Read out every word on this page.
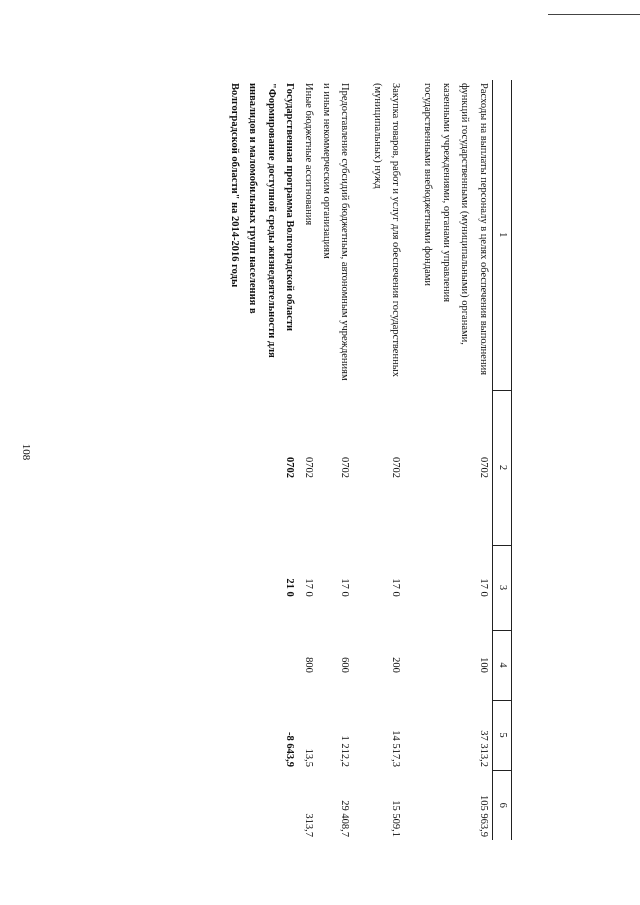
108
1	2	3	4	5	6
Расходы на выплаты персоналу в целях обеспечения выполнения функций государственными (муниципальными) органами, казенными учреждениями, органами управления государственными внебюджетными фондами	0702	17 0	100	37 313,2	105 963,9

Закупка товаров, работ и услуг для обеспечения государственных (муниципальных) нужд	0702	17 0	200	14 517,3	15 509,1

Предоставление субсидий бюджетным, автономным учреждениям и иным некоммерческим организациям	0702	17 0	600	1 212,2	29 408,7
Иные бюджетные ассигнования	0702	17 0	800	13,5	313,7
Государственная программа Волгоградской области "Формирование доступной среды жизнедеятельности для инвалидов и маломобильных групп населения в Волгоградской области" на 2014-2016 годы	0702	21 0		-8 643,9	
